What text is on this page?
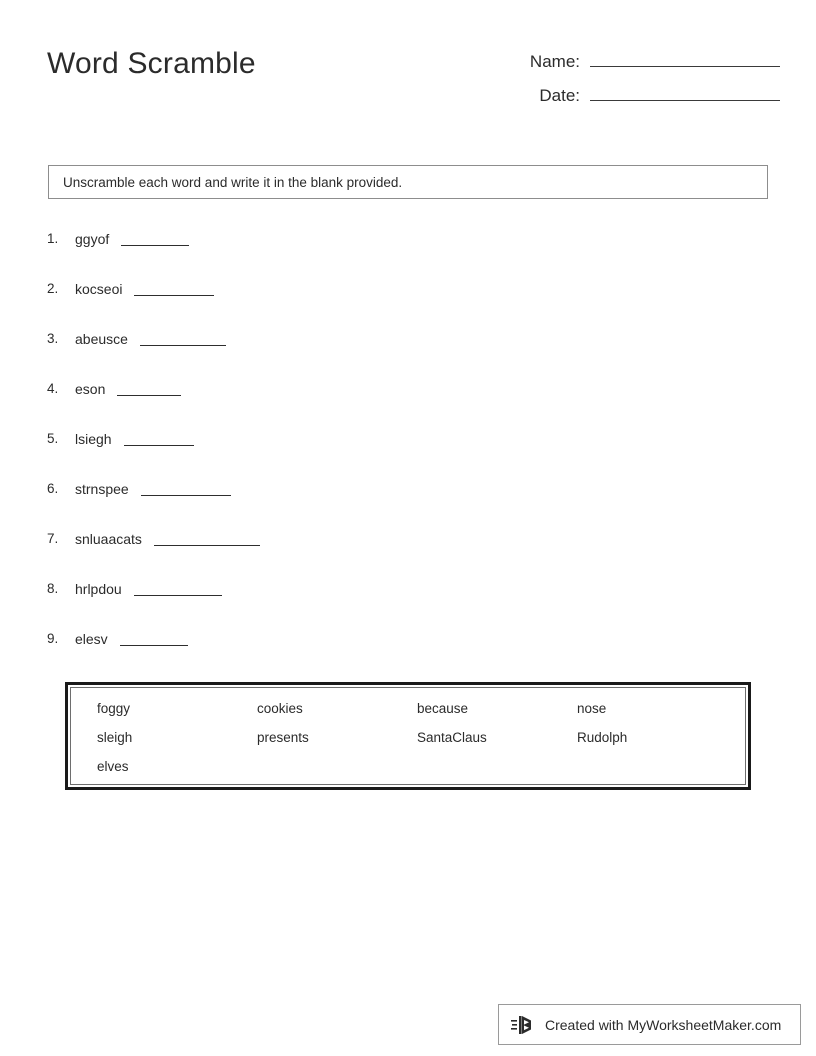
Word Scramble	Name:
Date:
Unscramble each word and write it in the blank provided.
1.	ggyof
2.	kocseoi
3.	abeusce
4.	eson
5.	lsiegh
6.	strnspee
7.	snluaacats
8.	hrlpdou
9.	elesv
foggy	cookies	because	nose
sleigh	presents	SantaClaus	Rudolph
elves
Created with MyWorksheetMaker.com
